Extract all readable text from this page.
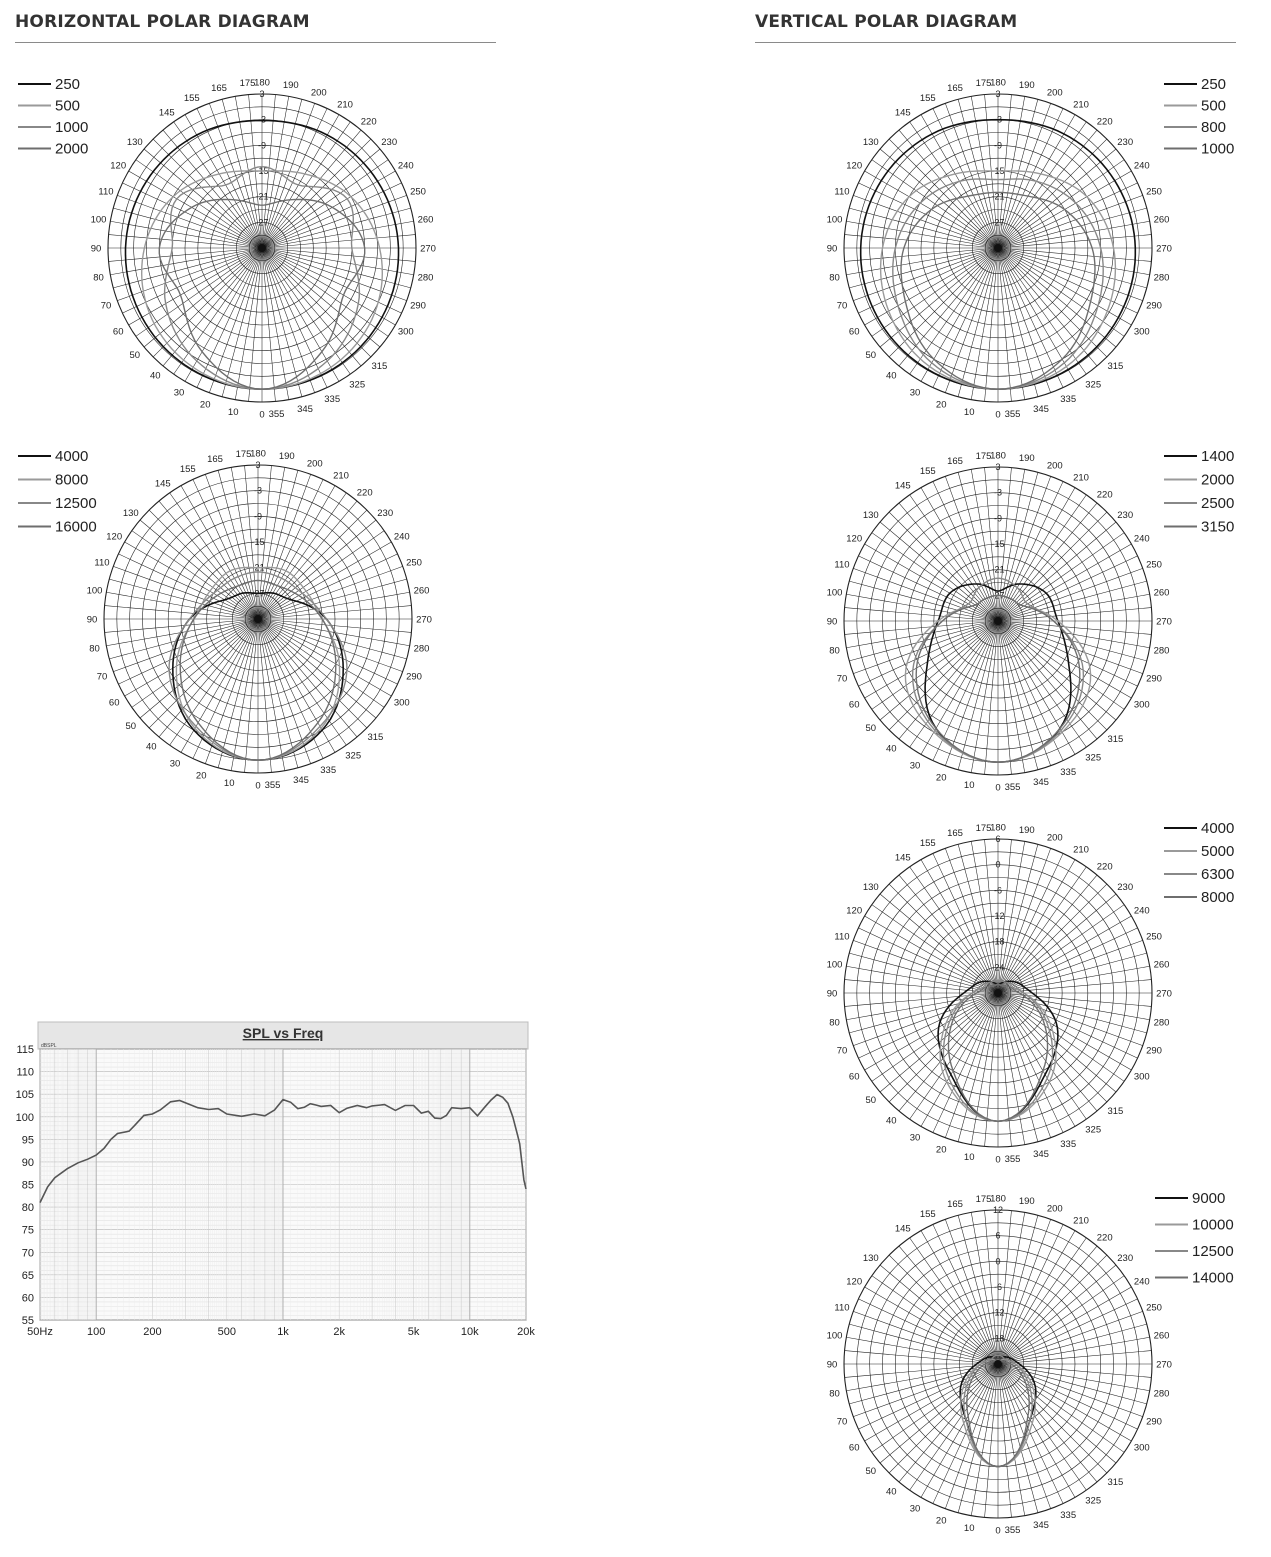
HORIZONTAL POLAR DIAGRAM	VERTICAL POLAR DIAGRAM
0
10
20
30
40
50
60
70
80
90
100
110
120
130
145
155
165 175
180 190
200
210
220
230
240
250
260
270
280
290
300
315
325
335
345
355
3
-3
-9
-15
-21
-27
250
500
1000
2000
0
10
20
30
40
50
60
70
80
90
100
110
120
130
145
155
165 175
180 190
200
210
220
230
240
250
260
270
280
290
300
315
325
335
345
355
3
-3
-9
-15
-21
-27
4000
8000
12500
16000
0
10
20
30
40
50
60
70
80
90
100
110
120
130
145
155
165 175
180 190
200
210
220
230
240
250
260
270
280
290
300
315
325
335
345
355
3
-3
-9
-15
-21
-27
250
500
800
1000
0
10
20
30
40
50
60
70
80
90
100
110
120
130
145
155
165 175
180 190
200
210
220
230
240
250
260
270
280
290
300
315
325
335
345
355
3
-3
-9
-15
-21
-27
1400
2000
2500
3150
0
10
20
30
40
50
60
70
80
90
100
110
120
130
145
155
165 175
180 190
200
210
220
230
240
250
260
270
280
290
300
315
325
335
345
355
6
0
-6
-12
-18
-24
4000
5000
6300
8000
0
10
20
30
40
50
60
70
80
90
100
110
120
130
145
155
165 175
180 190
200
210
220
230
240
250
260
270
280
290
300
315
325
335
345
355
12
6
0
-6
-12
-18
9000
10000
12500
14000
SPL vs Freq
dBSPL
115
110
105
100
95
90
85
80
75
70
65
60
55
50Hz	100	200	500	1k	2k	5k	10k	20k
